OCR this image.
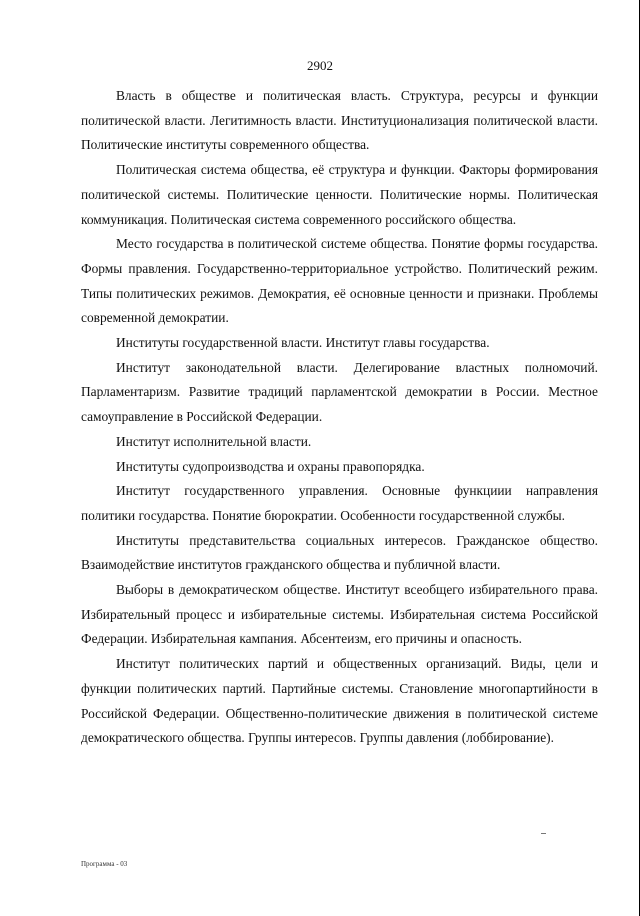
2902

Власть в обществе и политическая власть. Структура, ресурсы и функции политической власти. Легитимность власти. Институционализация политической власти. Политические институты современного общества.

Политическая система общества, её структура и функции. Факторы формирования политической системы. Политические ценности. Политические нормы. Политическая коммуникация. Политическая система современного российского общества.

Место государства в политической системе общества. Понятие формы государства. Формы правления. Государственно-территориальное устройство. Политический режим. Типы политических режимов. Демократия, её основные ценности и признаки. Проблемы современной демократии.

Институты государственной власти. Институт главы государства.

Институт законодательной власти. Делегирование властных полномочий. Парламентаризм. Развитие традиций парламентской демократии в России. Местное самоуправление в Российской Федерации.

Институт исполнительной власти.

Институты судопроизводства и охраны правопорядка.

Институт государственного управления. Основные функциии направления политики государства. Понятие бюрократии. Особенности государственной службы.

Институты представительства социальных интересов. Гражданское общество. Взаимодействие институтов гражданского общества и публичной власти.

Выборы в демократическом обществе. Институт всеобщего избирательного права. Избирательный процесс и избирательные системы. Избирательная система Российской Федерации. Избирательная кампания. Абсентеизм, его причины и опасность.

Институт политических партий и общественных организаций. Виды, цели и функции политических партий. Партийные системы. Становление многопартийности в Российской Федерации. Общественно-политические движения в политической системе демократического общества. Группы интересов. Группы давления (лоббирование).

Программа - 03
